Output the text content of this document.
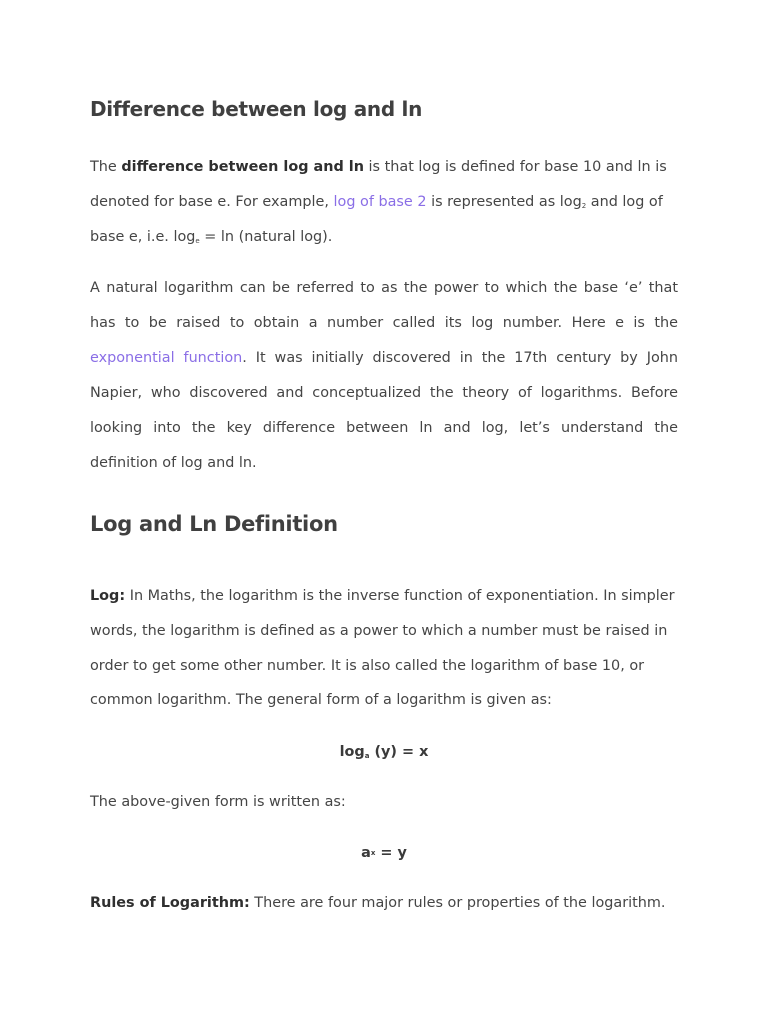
Difference between log and ln

The difference between log and ln is that log is defined for base 10 and ln is denoted for base e. For example, log of base 2 is represented as $\log_2$ and log of base e, i.e. $\log_e = \ln$ (natural log).

A natural logarithm can be referred to as the power to which the base ‘e’ that has to be raised to obtain a number called its log number. Here e is the exponential function. It was initially discovered in the 17th century by John Napier, who discovered and conceptualized the theory of logarithms. Before looking into the key difference between ln and log, let’s understand the definition of log and ln.

Log and Ln Definition

Log: In Maths, the logarithm is the inverse function of exponentiation. In simpler words, the logarithm is defined as a power to which a number must be raised in order to get some other number. It is also called the logarithm of base 10, or common logarithm. The general form of a logarithm is given as:

$\log_a (y) = x$

The above-given form is written as:

$a^x = y$

Rules of Logarithm: There are four major rules or properties of the logarithm.
